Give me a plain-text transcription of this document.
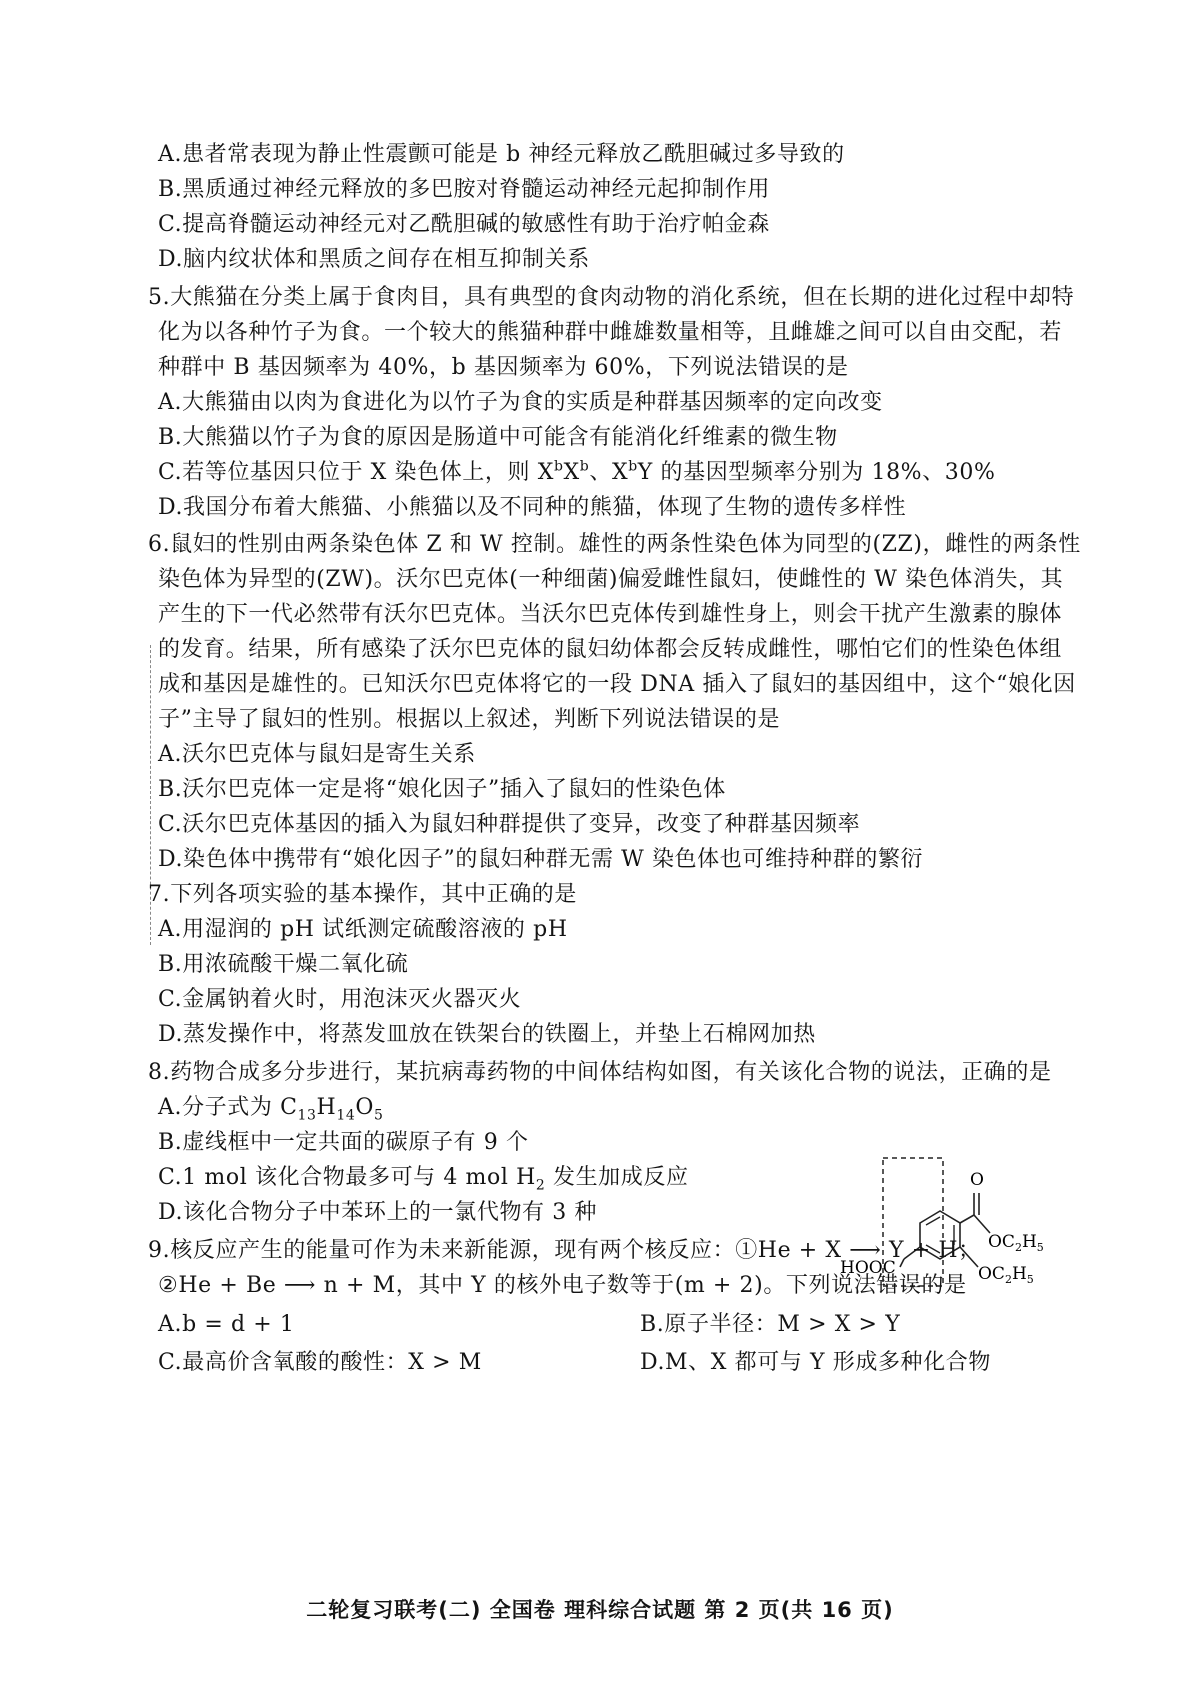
A.患者常表现为静止性震颤可能是 b 神经元释放乙酰胆碱过多导致的
B.黑质通过神经元释放的多巴胺对脊髓运动神经元起抑制作用
C.提高脊髓运动神经元对乙酰胆碱的敏感性有助于治疗帕金森
D.脑内纹状体和黑质之间存在相互抑制关系
5.大熊猫在分类上属于食肉目，具有典型的食肉动物的消化系统，但在长期的进化过程中却特
化为以各种竹子为食。一个较大的熊猫种群中雌雄数量相等，且雌雄之间可以自由交配，若
种群中 B 基因频率为 40%，b 基因频率为 60%，下列说法错误的是
A.大熊猫由以肉为食进化为以竹子为食的实质是种群基因频率的定向改变
B.大熊猫以竹子为食的原因是肠道中可能含有能消化纤维素的微生物
C.若等位基因只位于 X 染色体上，则 $X^bX^b$、$X^bY$ 的基因型频率分别为 18%、30%
D.我国分布着大熊猫、小熊猫以及不同种的熊猫，体现了生物的遗传多样性
6.鼠妇的性别由两条染色体 Z 和 W 控制。雄性的两条性染色体为同型的(ZZ)，雌性的两条性
染色体为异型的(ZW)。沃尔巴克体(一种细菌)偏爱雌性鼠妇，使雌性的 W 染色体消失，其
产生的下一代必然带有沃尔巴克体。当沃尔巴克体传到雄性身上，则会干扰产生激素的腺体
的发育。结果，所有感染了沃尔巴克体的鼠妇幼体都会反转成雌性，哪怕它们的性染色体组
成和基因是雄性的。已知沃尔巴克体将它的一段 DNA 插入了鼠妇的基因组中，这个“娘化因
子”主导了鼠妇的性别。根据以上叙述，判断下列说法错误的是
A.沃尔巴克体与鼠妇是寄生关系
B.沃尔巴克体一定是将“娘化因子”插入了鼠妇的性染色体
C.沃尔巴克体基因的插入为鼠妇种群提供了变异，改变了种群基因频率
D.染色体中携带有“娘化因子”的鼠妇种群无需 W 染色体也可维持种群的繁衍
7.下列各项实验的基本操作，其中正确的是
A.用湿润的 pH 试纸测定硫酸溶液的 pH
B.用浓硫酸干燥二氧化硫
C.金属钠着火时，用泡沫灭火器灭火
D.蒸发操作中，将蒸发皿放在铁架台的铁圈上，并垫上石棉网加热
8.药物合成多分步进行，某抗病毒药物的中间体结构如图，有关该化合物的说法，正确的是
A.分子式为 $C_{13}H_{14}O_5$
B.虚线框中一定共面的碳原子有 9 个
C.1 mol 该化合物最多可与 4 mol $H_2$ 发生加成反应
D.该化合物分子中苯环上的一氯代物有 3 种
HOOC
O
$OC_2H_5$
$OC_2H_5$
9.核反应产生的能量可作为未来新能源，现有两个核反应：①He + X ⟶ Y + H；
②He + Be ⟶ n + M，其中 Y 的核外电子数等于(m + 2)。下列说法错误的是
A.b = d + 1	B.原子半径：M > X > Y
C.最高价含氧酸的酸性：X > M	D.M、X 都可与 Y 形成多种化合物
二轮复习联考(二) 全国卷 理科综合试题 第 2 页(共 16 页)
